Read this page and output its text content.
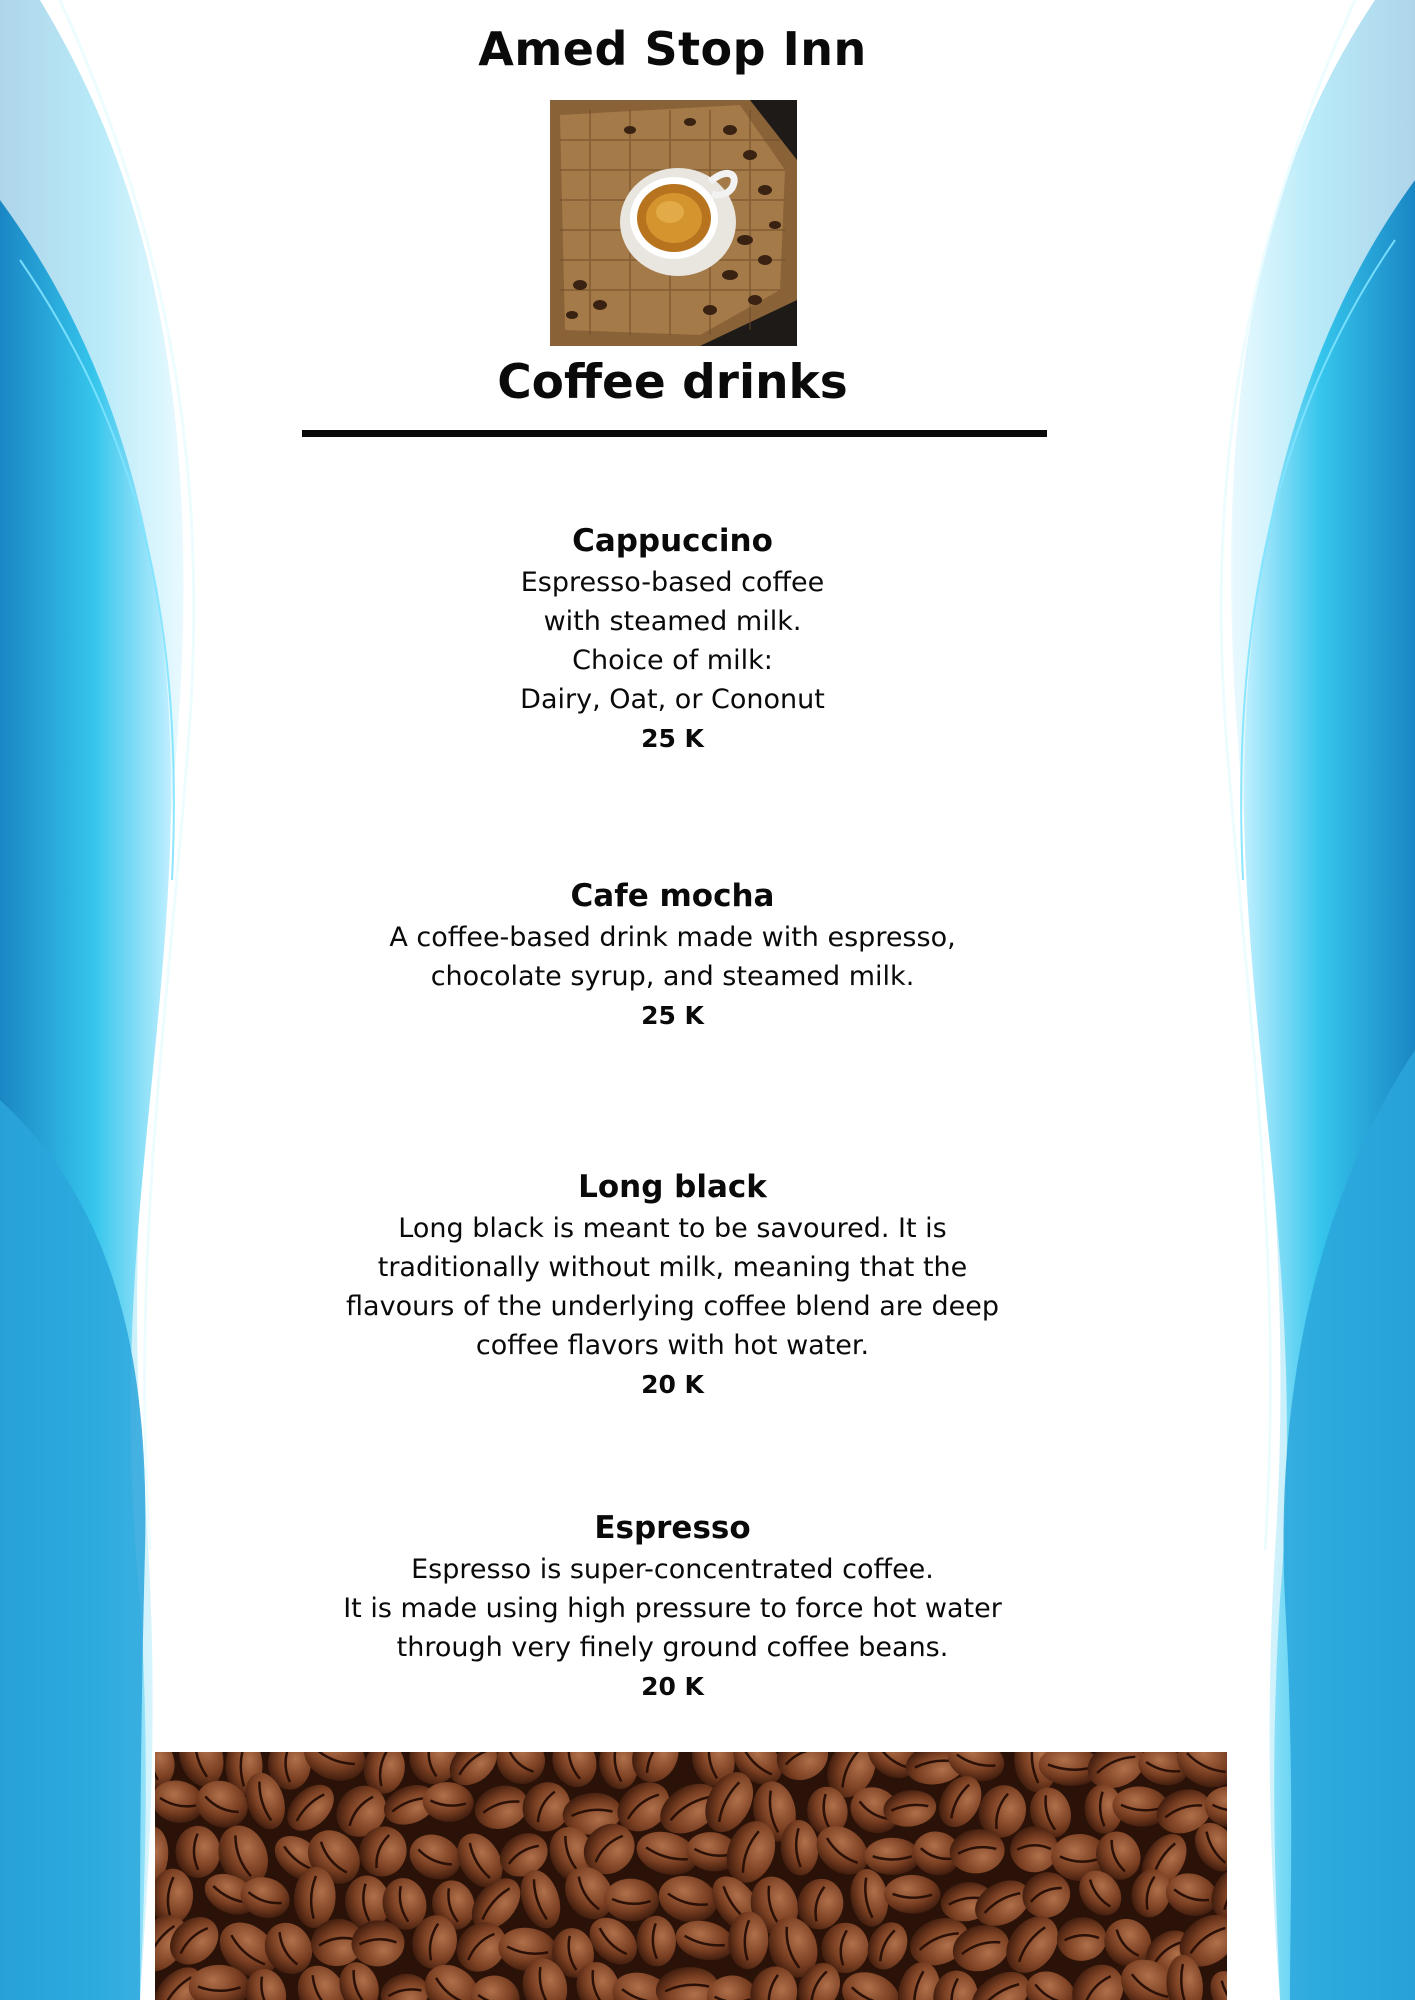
Amed Stop Inn
Coffee drinks
Cappuccino
Espresso-based coffee
with steamed milk.
Choice of milk:
Dairy, Oat, or Cononut
25 K
Cafe mocha
A coffee-based drink made with espresso,
chocolate syrup, and steamed milk.
25 K
Long black
Long black is meant to be savoured. It is
traditionally without milk, meaning that the
flavours of the underlying coffee blend are deep
coffee flavors with hot water.
20 K
Espresso
Espresso is super-concentrated coffee.
It is made using high pressure to force hot water
through very finely ground coffee beans.
20 K
